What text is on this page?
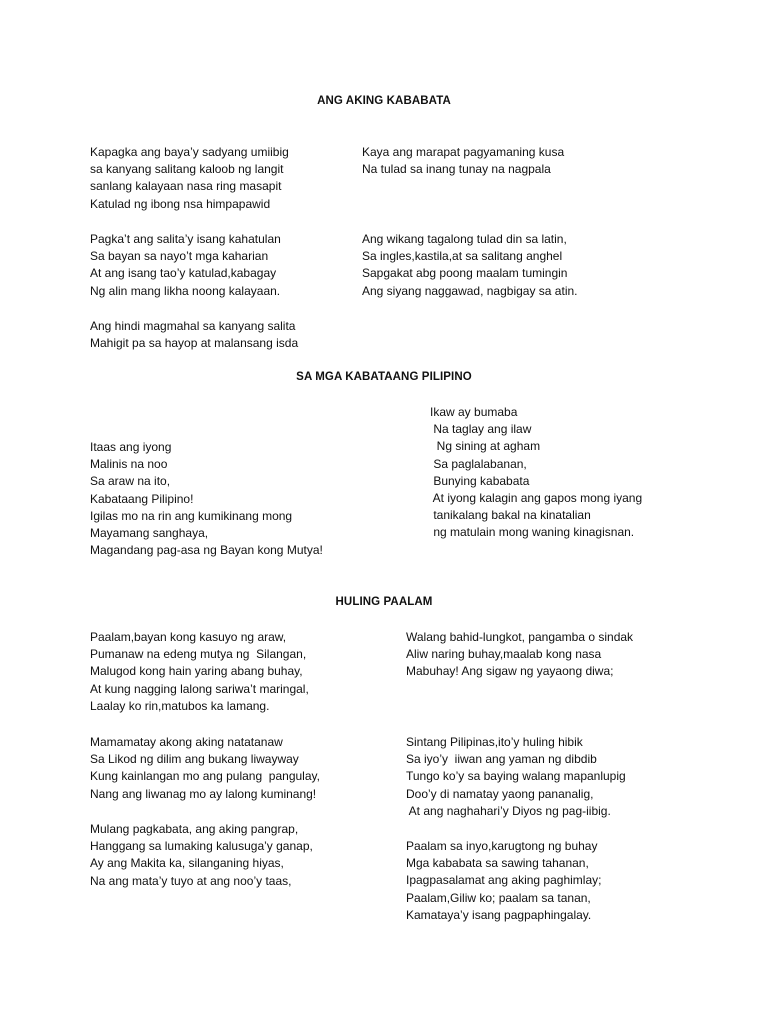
ANG AKING KABABATA
Kapagka ang baya’y sadyang umiibig
sa kanyang salitang kaloob ng langit
sanlang kalayaan nasa ring masapit
Katulad ng ibong nsa himpapawid
Pagka’t ang salita’y isang kahatulan
Sa bayan sa nayo’t mga kaharian
At ang isang tao’y katulad,kabagay
Ng alin mang likha noong kalayaan.
Ang hindi magmahal sa kanyang salita
Mahigit pa sa hayop at malansang isda
Kaya ang marapat pagyamaning kusa
Na tulad sa inang tunay na nagpala
Ang wikang tagalong tulad din sa latin,
Sa ingles,kastila,at sa salitang anghel
Sapgakat abg poong maalam tumingin
Ang siyang naggawad, nagbigay sa atin.
SA MGA KABATAANG PILIPINO
Itaas ang iyong
Malinis na noo
Sa araw na ito,
Kabataang Pilipino!
Igilas mo na rin ang kumikinang mong
Mayamang sanghaya,
Magandang pag-asa ng Bayan kong Mutya!
Ikaw ay bumaba
Na taglay ang ilaw
Ng sining at agham
Sa paglalabanan,
Bunying kababata
At iyong kalagin ang gapos mong iyang
tanikalang bakal na kinatalian
ng matulain mong waning kinagisnan.
HULING PAALAM
Paalam,bayan kong kasuyo ng araw,
Pumanaw na edeng mutya ng  Silangan,
Malugod kong hain yaring abang buhay,
At kung nagging lalong sariwa’t maringal,
Laalay ko rin,matubos ka lamang.
Mamamatay akong aking natatanaw
Sa Likod ng dilim ang bukang liwayway
Kung kainlangan mo ang pulang  pangulay,
Nang ang liwanag mo ay lalong kuminang!
Mulang pagkabata, ang aking pangrap,
Hanggang sa lumaking kalusuga’y ganap,
Ay ang Makita ka, silanganing hiyas,
Na ang mata’y tuyo at ang noo’y taas,
Walang bahid-lungkot, pangamba o sindak
Aliw naring buhay,maalab kong nasa
Mabuhay! Ang sigaw ng yayaong diwa;
Sintang Pilipinas,ito’y huling hibik
Sa iyo’y  iiwan ang yaman ng dibdib
Tungo ko’y sa baying walang mapanlupig
Doo’y di namatay yaong pananalig,
At ang naghahari’y Diyos ng pag-iibig.
Paalam sa inyo,karugtong ng buhay
Mga kababata sa sawing tahanan,
Ipagpasalamat ang aking paghimlay;
Paalam,Giliw ko; paalam sa tanan,
Kamatayа’y isang pagpaphingalay.
